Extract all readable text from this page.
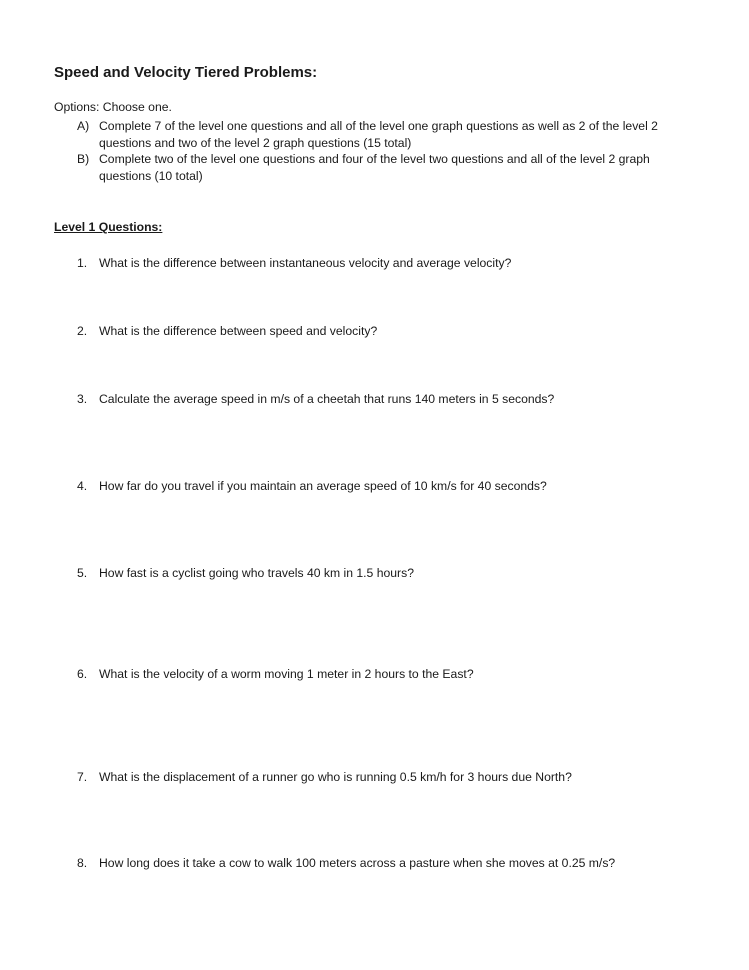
Speed and Velocity Tiered Problems:
Options: Choose one.
A) Complete 7 of the level one questions and all of the level one graph questions as well as 2 of the level 2 questions and two of the level 2 graph questions (15 total)
B) Complete two of the level one questions and four of the level two questions and all of the level 2 graph questions (10 total)
Level 1 Questions:
1. What is the difference between instantaneous velocity and average velocity?
2. What is the difference between speed and velocity?
3. Calculate the average speed in m/s of a cheetah that runs 140 meters in 5 seconds?
4. How far do you travel if you maintain an average speed of 10 km/s for 40 seconds?
5. How fast is a cyclist going who travels 40 km in 1.5 hours?
6. What is the velocity of a worm moving 1 meter in 2 hours to the East?
7. What is the displacement of a runner go who is running 0.5 km/h for 3 hours due North?
8. How long does it take a cow to walk 100 meters across a pasture when she moves at 0.25 m/s?
